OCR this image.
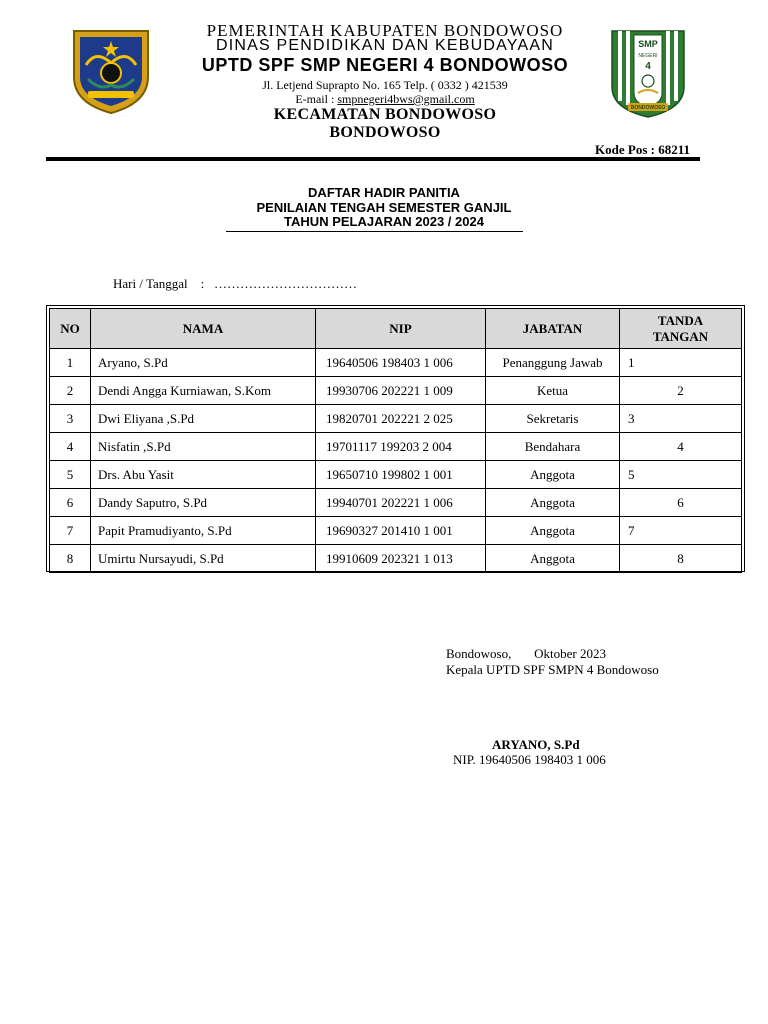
SMP
NEGERI
4
BONDOWOSO
PEMERINTAH KABUPATEN BONDOWOSO
DINAS PENDIDIKAN DAN KEBUDAYAAN
UPTD SPF SMP NEGERI 4 BONDOWOSO
Jl. Letjend Suprapto No. 165 Telp. ( 0332 ) 421539
E-mail : smpnegeri4bws@gmail.com
KECAMATAN BONDOWOSO
BONDOWOSO
Kode Pos : 68211
DAFTAR HADIR PANITIA
PENILAIAN TENGAH SEMESTER GANJIL
TAHUN PELAJARAN 2023 / 2024
Hari / Tanggal    :   ……………………………
NO	NAMA	NIP	JABATAN	TANDA
TANGAN
1	Aryano, S.Pd	19640506 198403 1 006	Penanggung Jawab	1
2	Dendi Angga Kurniawan, S.Kom	19930706 202221 1 009	Ketua	2
3	Dwi Eliyana ,S.Pd	19820701 202221 2 025	Sekretaris	3
4	Nisfatin ,S.Pd	19701117 199203 2 004	Bendahara	4
5	Drs. Abu Yasit	19650710 199802 1 001	Anggota	5
6	Dandy Saputro, S.Pd	19940701 202221 1 006	Anggota	6
7	Papit Pramudiyanto, S.Pd	19690327 201410 1 001	Anggota	7
8	Umirtu Nursayudi, S.Pd	19910609 202321 1 013	Anggota	8
Bondowoso,       Oktober 2023
Kepala UPTD SPF SMPN 4 Bondowoso
ARYANO, S.Pd
NIP. 19640506 198403 1 006
